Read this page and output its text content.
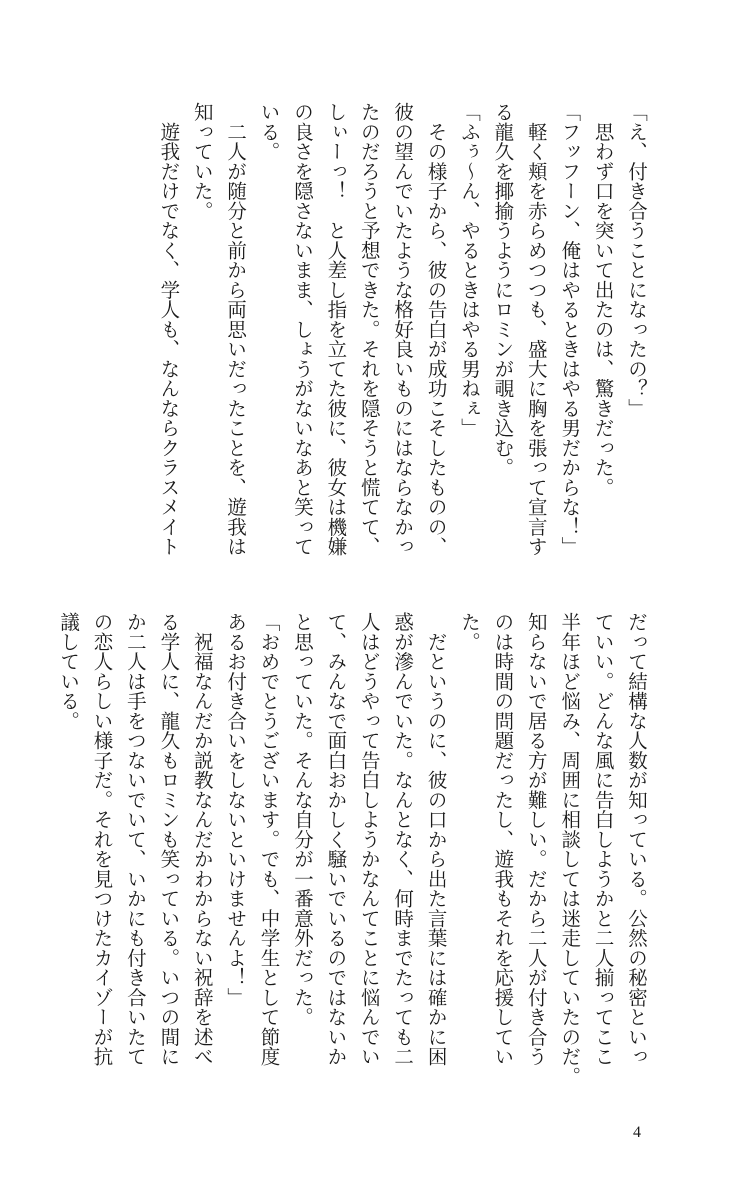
「え、付き合うことになったの？」
　思わず口を突いて出たのは、驚きだった。
「フッフーン、俺はやるときはやる男だからな！」
　軽く頬を赤らめつつも、盛大に胸を張って宣言す
る龍久を揶揄うようにロミンが覗き込む。
「ふぅ〜ん、やるときはやる男ねぇ」
　その様子から、彼の告白が成功こそしたものの、
彼の望んでいたような格好良いものにはならなかっ
たのだろうと予想できた。それを隠そうと慌てて、
しぃーっ！　と人差し指を立てた彼に、彼女は機嫌
の良さを隠さないまま、しょうがないなあと笑って
いる。
　二人が随分と前から両思いだったことを、遊我は
知っていた。
　遊我だけでなく、学人も、なんならクラスメイト
だって結構な人数が知っている。公然の秘密といっ
ていい。どんな風に告白しようかと二人揃ってここ
半年ほど悩み、周囲に相談しては迷走していたのだ。
知らないで居る方が難しい。だから二人が付き合う
のは時間の問題だったし、遊我もそれを応援してい
た。
　だというのに、彼の口から出た言葉には確かに困
惑が滲んでいた。なんとなく、何時までたっても二
人はどうやって告白しようかなんてことに悩んでい
て、みんなで面白おかしく騒いでいるのではないか
と思っていた。そんな自分が一番意外だった。
「おめでとうございます。でも、中学生として節度
あるお付き合いをしないといけませんよ！」
　祝福なんだか説教なんだかわからない祝辞を述べ
る学人に、龍久もロミンも笑っている。いつの間に
か二人は手をつないでいて、いかにも付き合いたて
の恋人らしい様子だ。それを見つけたカイゾーが抗
議している。
4
